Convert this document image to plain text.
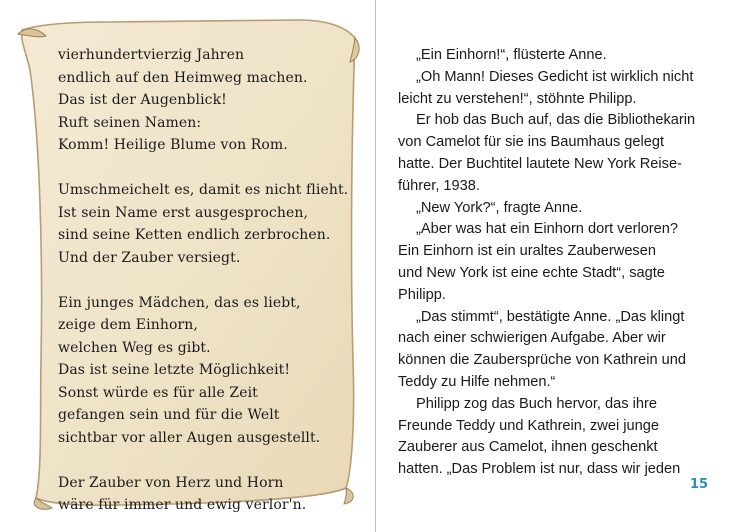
vierhundertvierzig Jahren
endlich auf den Heimweg machen.
Das ist der Augenblick!
Ruft seinen Namen:
Komm! Heilige Blume von Rom.
Umschmeichelt es, damit es nicht flieht.
Ist sein Name erst ausgesprochen,
sind seine Ketten endlich zerbrochen.
Und der Zauber versiegt.
Ein junges Mädchen, das es liebt,
zeige dem Einhorn,
welchen Weg es gibt.
Das ist seine letzte Möglichkeit!
Sonst würde es für alle Zeit
gefangen sein und für die Welt
sichtbar vor aller Augen ausgestellt.
Der Zauber von Herz und Horn
wäre für immer und ewig verlor'n.
„Ein Einhorn!“, flüsterte Anne.
„Oh Mann! Dieses Gedicht ist wirklich nicht
leicht zu verstehen!“, stöhnte Philipp.
Er hob das Buch auf, das die Bibliothekarin
von Camelot für sie ins Baumhaus gelegt
hatte. Der Buchtitel lautete New York Reise-
führer, 1938.
„New York?“, fragte Anne.
„Aber was hat ein Einhorn dort verloren?
Ein Einhorn ist ein uraltes Zauberwesen
und New York ist eine echte Stadt“, sagte
Philipp.
„Das stimmt“, bestätigte Anne. „Das klingt
nach einer schwierigen Aufgabe. Aber wir
können die Zaubersprüche von Kathrein und
Teddy zu Hilfe nehmen.“
Philipp zog das Buch hervor, das ihre
Freunde Teddy und Kathrein, zwei junge
Zauberer aus Camelot, ihnen geschenkt
hatten. „Das Problem ist nur, dass wir jeden
15
